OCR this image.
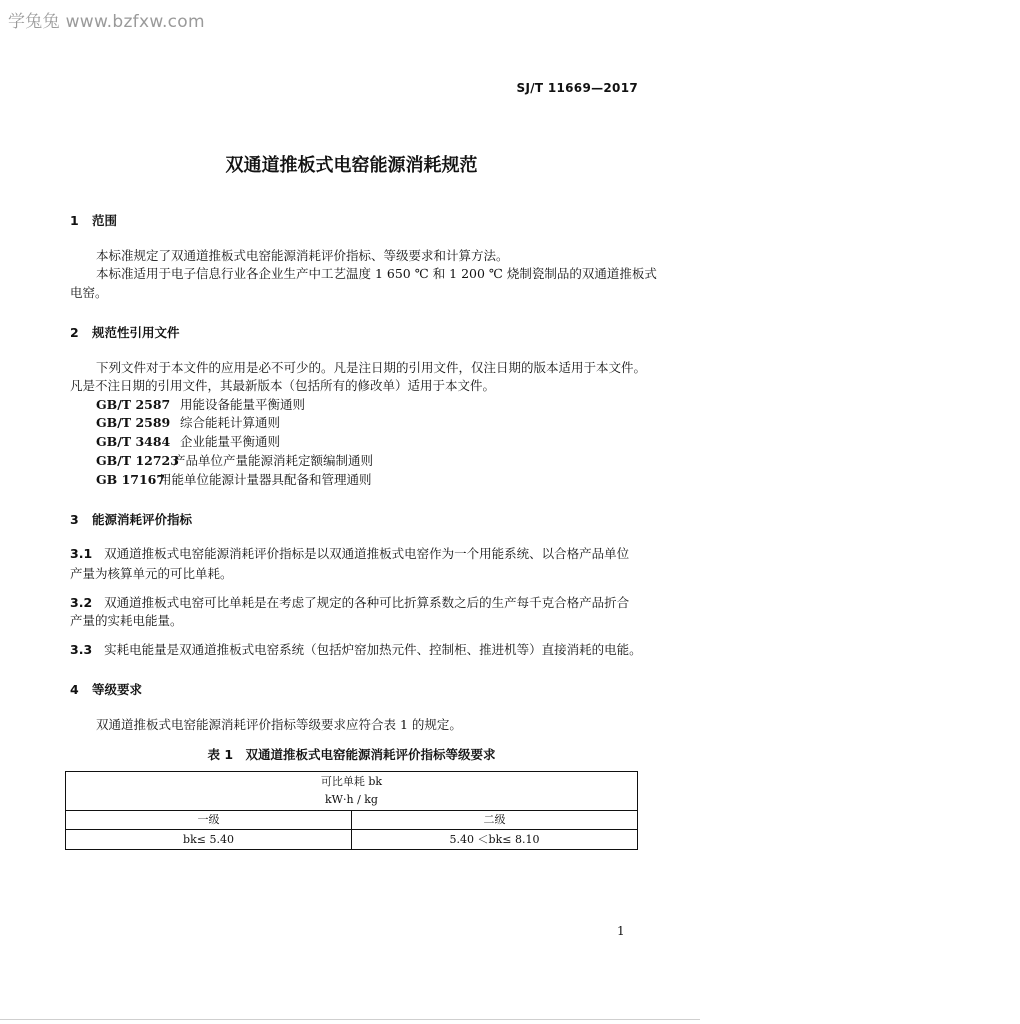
学兔兔 www.bzfxw.com
SJ/T 11669—2017
双通道推板式电窑能源消耗规范
1 范围
本标准规定了双通道推板式电窑能源消耗评价指标、等级要求和计算方法。
本标准适用于电子信息行业各企业生产中工艺温度 1 650 ℃ 和 1 200 ℃ 烧制瓷制品的双通道推板式
电窑。
2 规范性引用文件
下列文件对于本文件的应用是必不可少的。凡是注日期的引用文件，仅注日期的版本适用于本文件。
凡是不注日期的引用文件，其最新版本（包括所有的修改单）适用于本文件。
GB/T 2587 用能设备能量平衡通则
GB/T 2589 综合能耗计算通则
GB/T 3484 企业能量平衡通则
GB/T 12723产品单位产量能源消耗定额编制通则
GB 17167用能单位能源计量器具配备和管理通则
3 能源消耗评价指标
3.1 双通道推板式电窑能源消耗评价指标是以双通道推板式电窑作为一个用能系统、以合格产品单位
产量为核算单元的可比单耗。
3.2 双通道推板式电窑可比单耗是在考虑了规定的各种可比折算系数之后的生产每千克合格产品折合
产量的实耗电能量。
3.3 实耗电能量是双通道推板式电窑系统（包括炉窑加热元件、控制柜、推进机等）直接消耗的电能。
4 等级要求
双通道推板式电窑能源消耗评价指标等级要求应符合表 1 的规定。
表 1　双通道推板式电窑能源消耗评价指标等级要求
可比单耗 bk
kW·h / kg	

一级	二级
bk≤ 5.40	5.40 ＜bk≤ 8.10
1
